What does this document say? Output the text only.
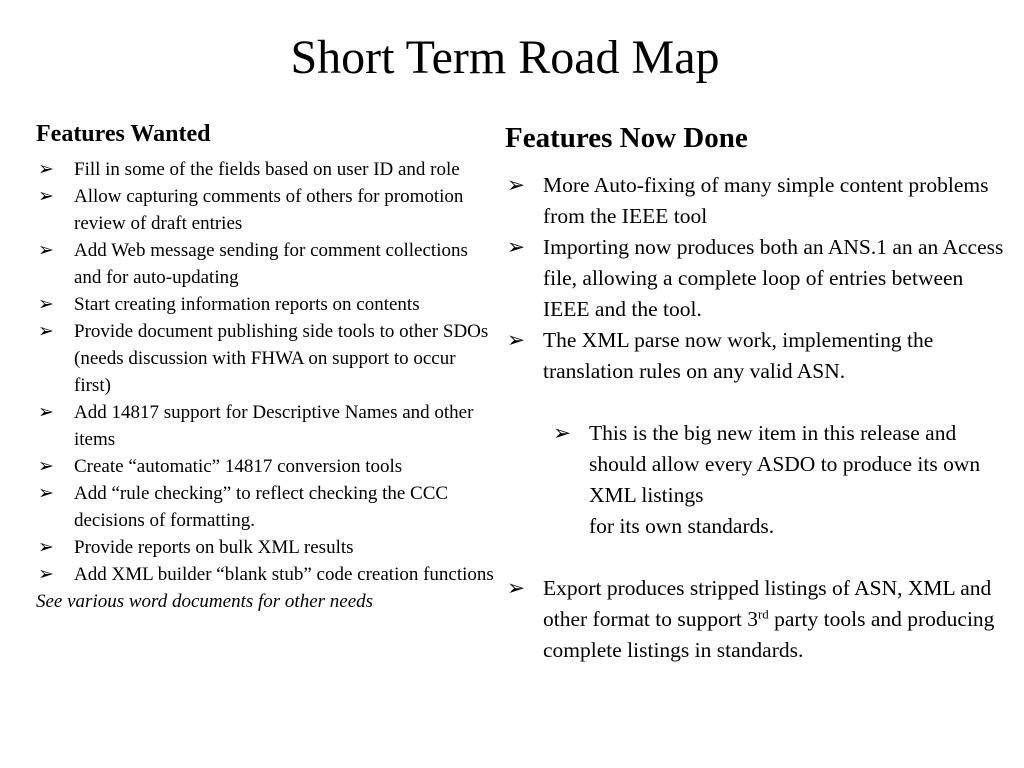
Short Term Road Map
Features Wanted
➢ Fill in some of the fields based on user ID and role
➢ Allow capturing comments of others for promotion review of draft entries
➢ Add Web message sending for comment collections and for auto-updating
➢ Start creating information reports on contents
➢ Provide document publishing side tools to other SDOs (needs discussion with FHWA on support to occur first)
➢ Add 14817 support for Descriptive Names and other items
➢ Create “automatic” 14817 conversion tools
➢ Add “rule checking” to reflect checking the CCC decisions of formatting.
➢ Provide reports on bulk XML results
➢ Add XML builder “blank stub” code creation functions
See various word documents for other needs
Features Now Done
➢ More Auto-fixing of many simple content problems from the IEEE tool
➢ Importing now produces both an ANS.1 an an Access file, allowing a complete loop of entries between IEEE and the tool.
➢ The XML parse now work, implementing the translation rules on any valid ASN.
➢ This is the big new item in this release and should allow every ASDO to produce its own XML listings
for its own standards.
➢ Export produces stripped listings of ASN, XML and other format to support 3rd party tools and producing complete listings in standards.
